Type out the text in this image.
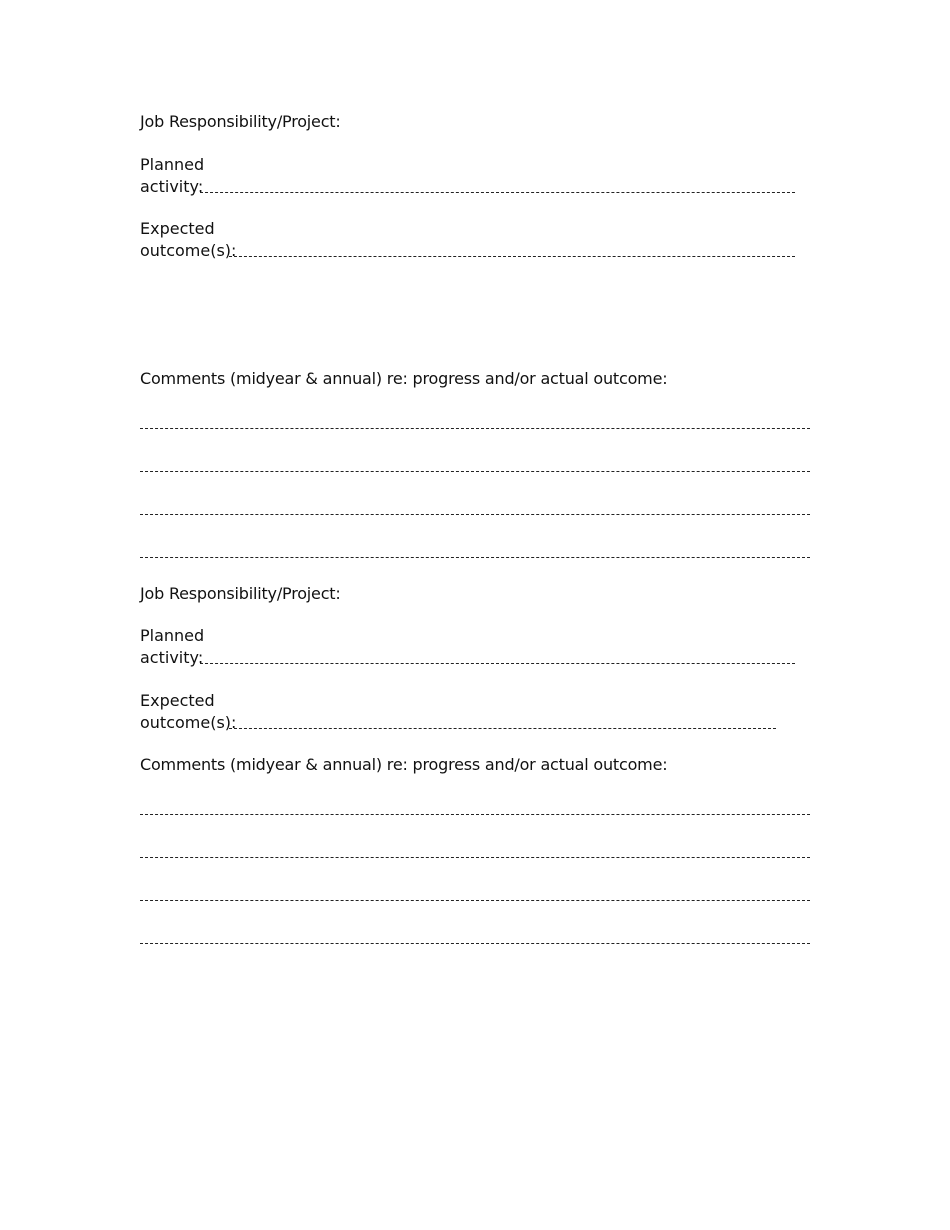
Job Responsibility/Project:
Planned
activity:
Expected
outcome(s):
Comments (midyear & annual) re: progress and/or actual outcome:
Job Responsibility/Project:
Planned
activity:
Expected
outcome(s):
Comments (midyear & annual) re: progress and/or actual outcome:
